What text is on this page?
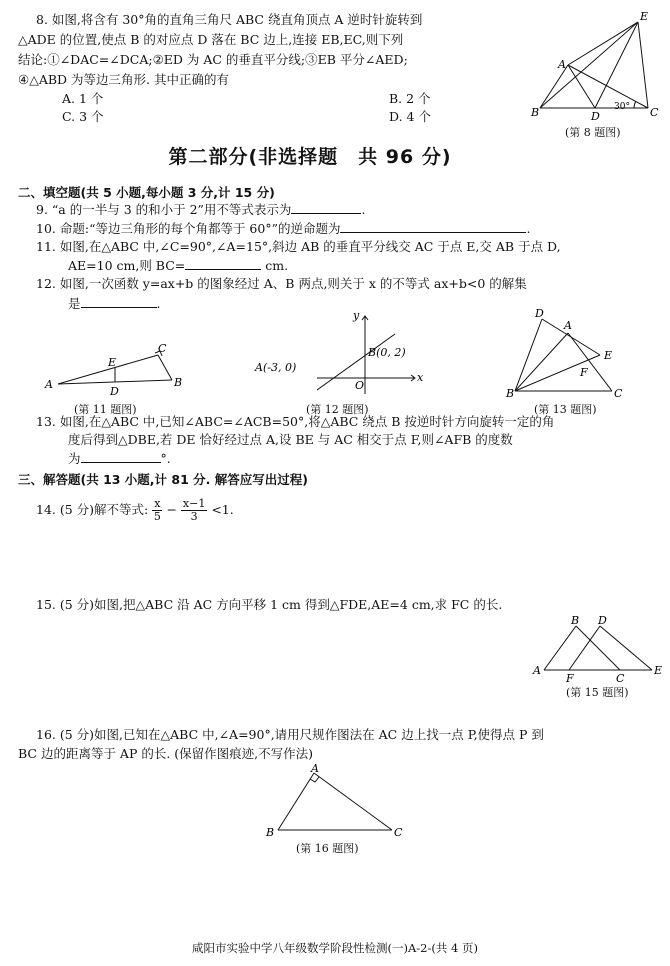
8. 如图,将含有 30°角的直角三角尺 ABC 绕直角顶点 A 逆时针旋转到
△ADE 的位置,使点 B 的对应点 D 落在 BC 边上,连接 EB,EC,则下列
结论:①∠DAC=∠DCA;②ED 为 AC 的垂直平分线;③EB 平分∠AED;
④△ABD 为等边三角形. 其中正确的有
A. 1 个	B. 2 个
C. 3 个	D. 4 个
E
A
B	D	C
30°
(第 8 题图)
第二部分(非选择题　共 96 分)
二、填空题(共 5 小题,每小题 3 分,计 15 分)
9. “a 的一半与 3 的和小于 2”用不等式表示为	.
10. 命题:“等边三角形的每个角都等于 60°”的逆命题为	.
11. 如图,在△ABC 中,∠C=90°,∠A=15°,斜边 AB 的垂直平分线交 AC 于点 E,交 AB 于点 D,
AE=10 cm,则 BC=	cm.
12. 如图,一次函数 y=ax+b 的图象经过 A、B 两点,则关于 x 的不等式 ax+b<0 的解集
是	.
A	B
C
D
E
(第 11 题图)
y
x
O
A(-3, 0)
B(0, 2)
(第 12 题图)
D
A
E
F
B	C
(第 13 题图)
13. 如图,在△ABC 中,已知∠ABC=∠ACB=50°,将△ABC 绕点 B 按逆时针方向旋转一定的角
度后得到△DBE,若 DE 恰好经过点 A,设 BE 与 AC 相交于点 F,则∠AFB 的度数
为	°.
三、解答题(共 13 小题,计 81 分. 解答应写出过程)
14. (5 分)解不等式: $\frac{x}{5} - \frac{x-1}{3} <1$.
15. (5 分)如图,把△ABC 沿 AC 方向平移 1 cm 得到△FDE,AE=4 cm,求 FC 的长.
B D
A
F	C
E
(第 15 题图)
16. (5 分)如图,已知在△ABC 中,∠A=90°,请用尺规作图法在 AC 边上找一点 P,使得点 P 到
BC 边的距离等于 AP 的长. (保留作图痕迹,不写作法)
A
B	C
(第 16 题图)
咸阳市实验中学八年级数学阶段性检测(一)A-2-(共 4 页)
